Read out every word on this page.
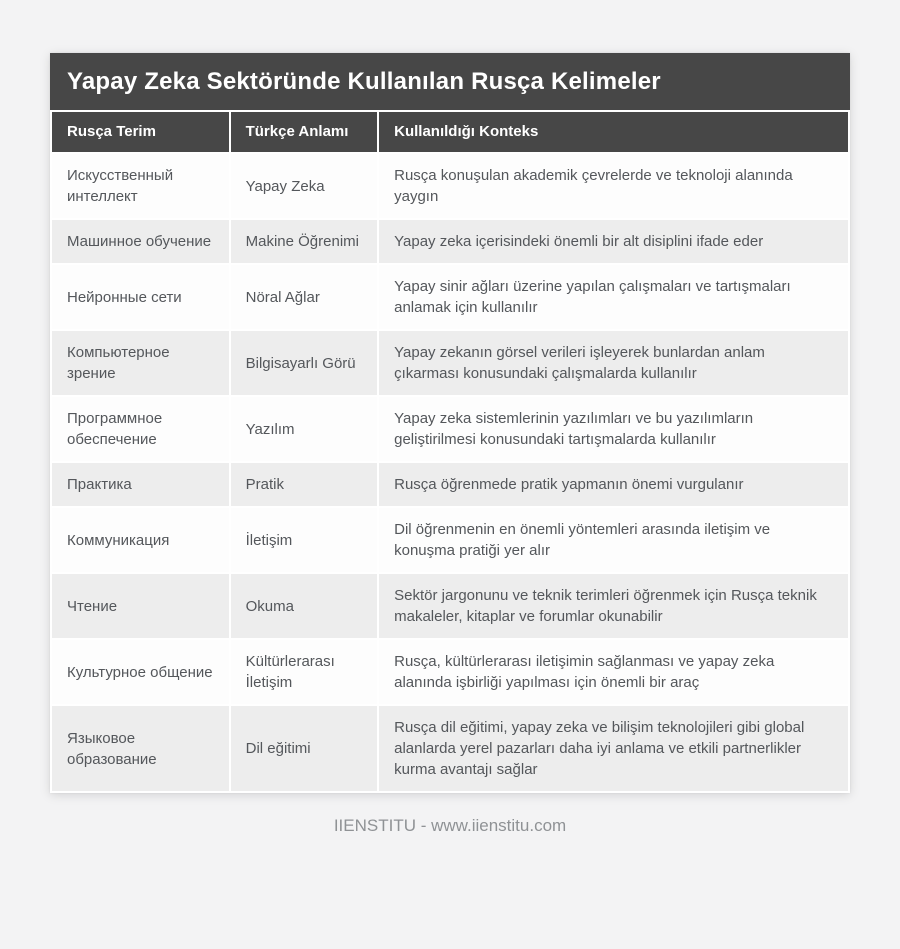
Yapay Zeka Sektöründe Kullanılan Rusça Kelimeler
Rusça Terim	Türkçe Anlamı	Kullanıldığı Konteks
Искусственный интеллект	Yapay Zeka	Rusça konuşulan akademik çevrelerde ve teknoloji alanında yaygın
Машинное обучение	Makine Öğrenimi	Yapay zeka içerisindeki önemli bir alt disiplini ifade eder
Нейронные сети	Nöral Ağlar	Yapay sinir ağları üzerine yapılan çalışmaları ve tartışmaları anlamak için kullanılır
Компьютерное зрение	Bilgisayarlı Görü	Yapay zekanın görsel verileri işleyerek bunlardan anlam çıkarması konusundaki çalışmalarda kullanılır
Программное обеспечение	Yazılım	Yapay zeka sistemlerinin yazılımları ve bu yazılımların geliştirilmesi konusundaki tartışmalarda kullanılır
Практика	Pratik	Rusça öğrenmede pratik yapmanın önemi vurgulanır
Коммуникация	İletişim	Dil öğrenmenin en önemli yöntemleri arasında iletişim ve konuşma pratiği yer alır
Чтение	Okuma	Sektör jargonunu ve teknik terimleri öğrenmek için Rusça teknik makaleler, kitaplar ve forumlar okunabilir
Культурное общение	Kültürlerarası İletişim	Rusça, kültürlerarası iletişimin sağlanması ve yapay zeka alanında işbirliği yapılması için önemli bir araç
Языковое образование	Dil eğitimi	Rusça dil eğitimi, yapay zeka ve bilişim teknolojileri gibi global alanlarda yerel pazarları daha iyi anlama ve etkili partnerlikler kurma avantajı sağlar
IIENSTITU - www.iienstitu.com
